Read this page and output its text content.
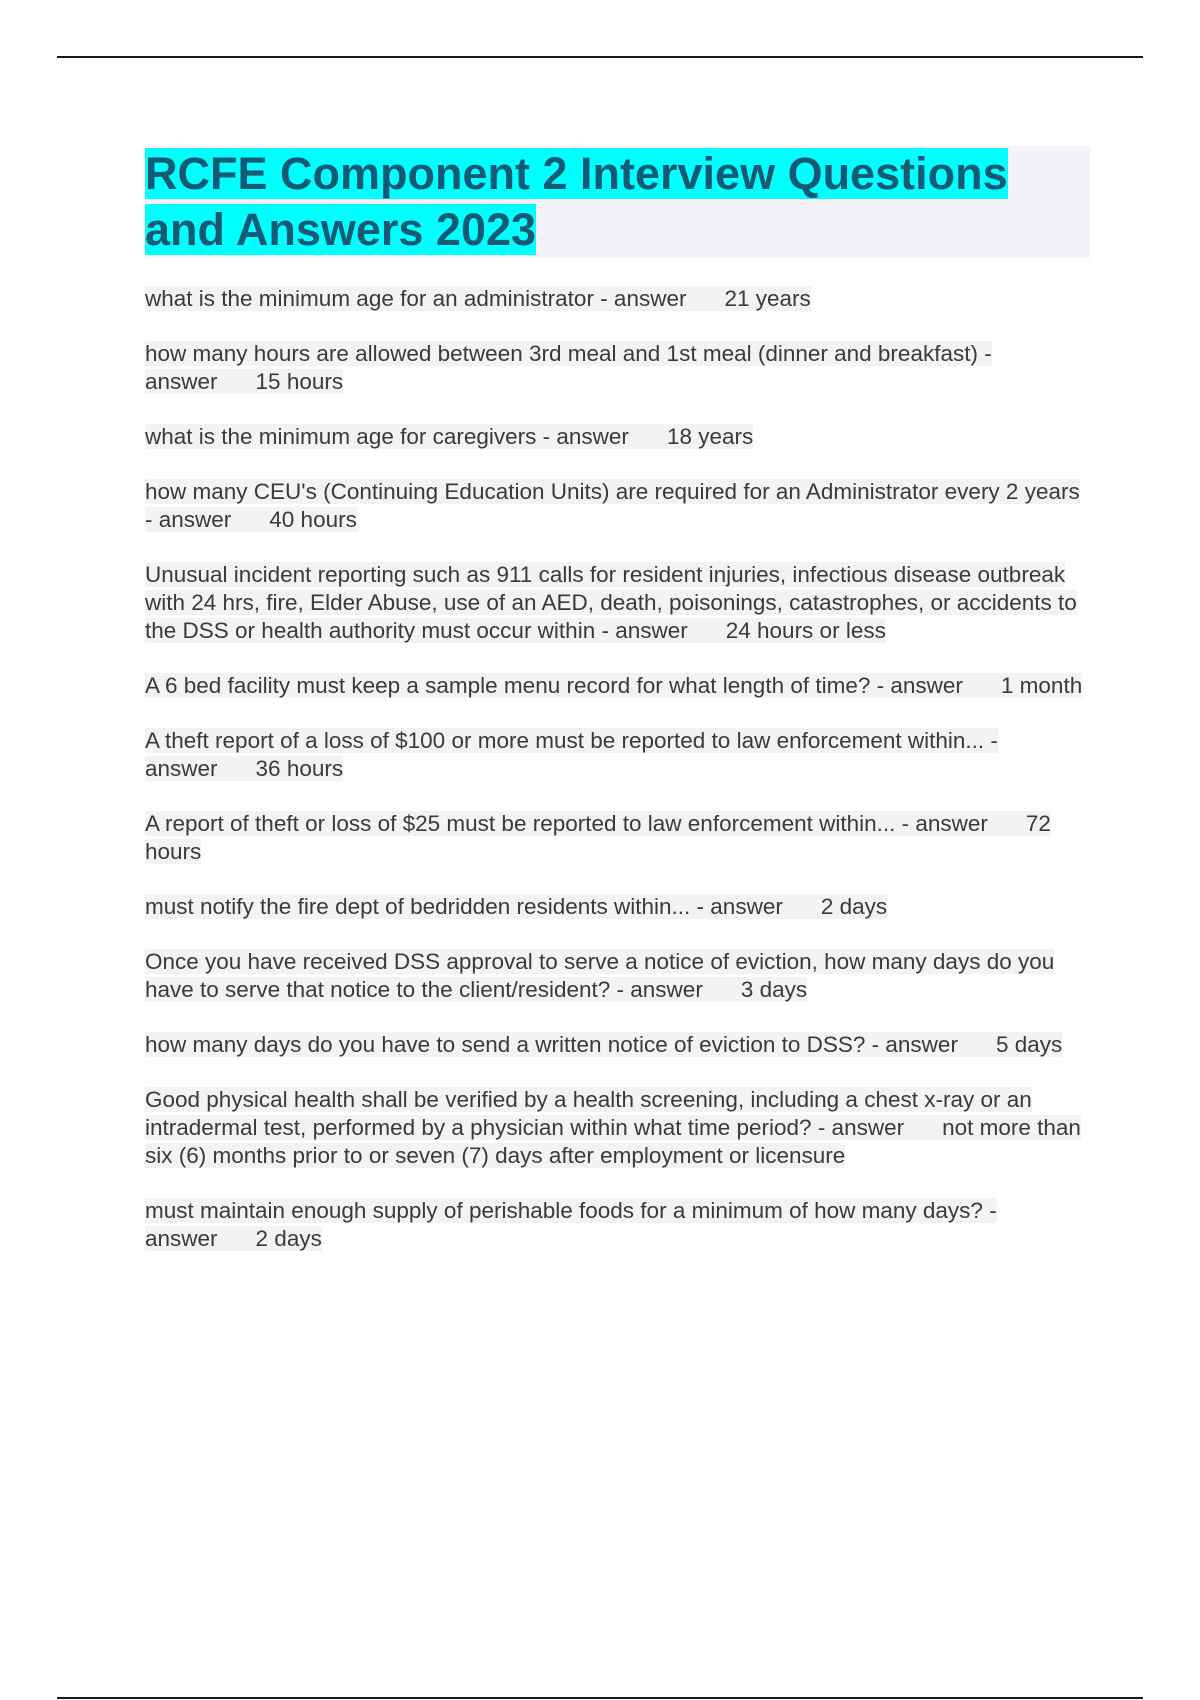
RCFE Component 2 Interview Questions and Answers 2023

what is the minimum age for an administrator - answer 21 years

how many hours are allowed between 3rd meal and 1st meal (dinner and breakfast) - answer 15 hours

what is the minimum age for caregivers - answer 18 years

how many CEU's (Continuing Education Units) are required for an Administrator every 2 years - answer 40 hours

Unusual incident reporting such as 911 calls for resident injuries, infectious disease outbreak with 24 hrs, fire, Elder Abuse, use of an AED, death, poisonings, catastrophes, or accidents to the DSS or health authority must occur within - answer 24 hours or less

A 6 bed facility must keep a sample menu record for what length of time? - answer 1 month

A theft report of a loss of $100 or more must be reported to law enforcement within... - answer 36 hours

A report of theft or loss of $25 must be reported to law enforcement within... - answer 72 hours

must notify the fire dept of bedridden residents within... - answer 2 days

Once you have received DSS approval to serve a notice of eviction, how many days do you have to serve that notice to the client/resident? - answer 3 days

how many days do you have to send a written notice of eviction to DSS? - answer 5 days

Good physical health shall be verified by a health screening, including a chest x-ray or an intradermal test, performed by a physician within what time period? - answer not more than six (6) months prior to or seven (7) days after employment or licensure

must maintain enough supply of perishable foods for a minimum of how many days? - answer 2 days
